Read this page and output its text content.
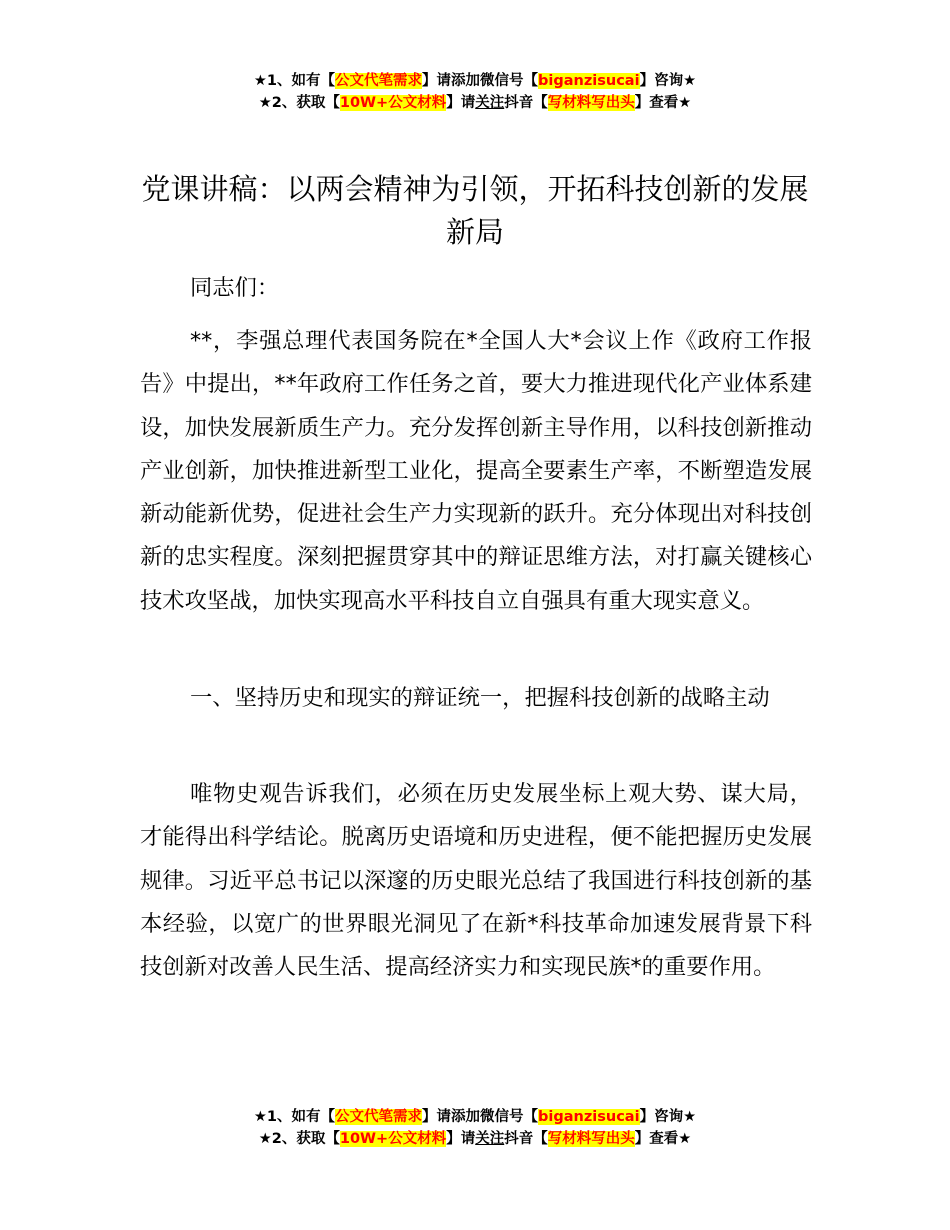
★1、如有【公文代笔需求】请添加微信号【biganzisucai】咨询★
★2、获取【10W+公文材料】请关注抖音【写材料写出头】查看★
党课讲稿：以两会精神为引领，开拓科技创新的发展新局

同志们：

**，李强总理代表国务院在*全国人大*会议上作《政府工作报告》中提出，**年政府工作任务之首，要大力推进现代化产业体系建设，加快发展新质生产力。充分发挥创新主导作用，以科技创新推动产业创新，加快推进新型工业化，提高全要素生产率，不断塑造发展新动能新优势，促进社会生产力实现新的跃升。充分体现出对科技创新的忠实程度。深刻把握贯穿其中的辩证思维方法，对打赢关键核心技术攻坚战，加快实现高水平科技自立自强具有重大现实意义。

一、坚持历史和现实的辩证统一，把握科技创新的战略主动

唯物史观告诉我们，必须在历史发展坐标上观大势、谋大局，才能得出科学结论。脱离历史语境和历史进程，便不能把握历史发展规律。习近平总书记以深邃的历史眼光总结了我国进行科技创新的基本经验，以宽广的世界眼光洞见了在新*科技革命加速发展背景下科技创新对改善人民生活、提高经济实力和实现民族*的重要作用。

★1、如有【公文代笔需求】请添加微信号【biganzisucai】咨询★
★2、获取【10W+公文材料】请关注抖音【写材料写出头】查看★
